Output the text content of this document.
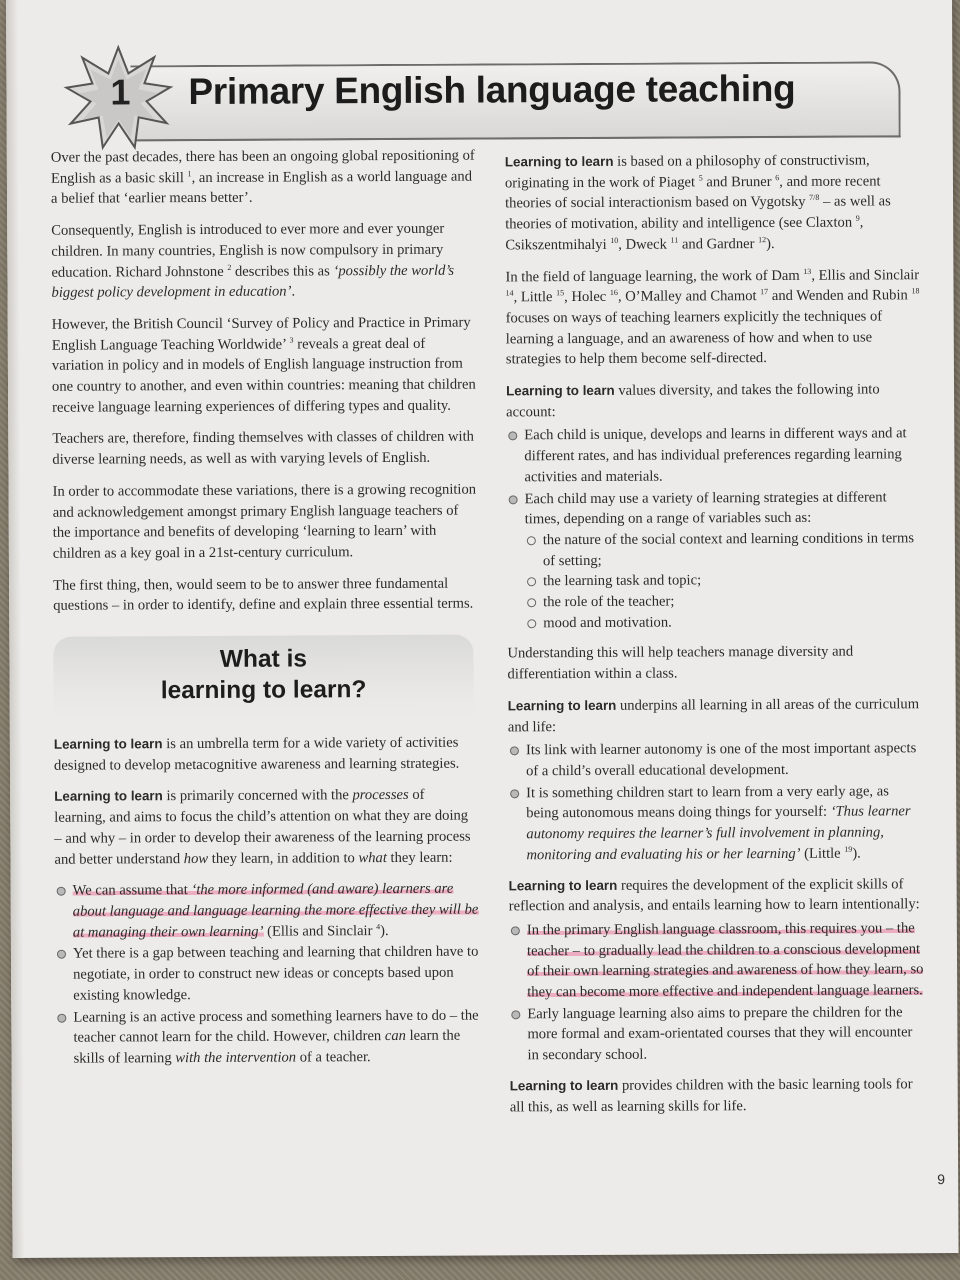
1 Primary English language teaching

Over the past decades, there has been an ongoing global repositioning of English as a basic skill $^1$, an increase in English as a world language and a belief that ‘earlier means better’.

Consequently, English is introduced to ever more and ever younger children. In many countries, English is now compulsory in primary education. Richard Johnstone $^2$ describes this as ‘possibly the world’s biggest policy development in education’.

However, the British Council ‘Survey of Policy and Practice in Primary English Language Teaching Worldwide’ $^3$ reveals a great deal of variation in policy and in models of English language instruction from one country to another, and even within countries: meaning that children receive language learning experiences of differing types and quality.

Teachers are, therefore, finding themselves with classes of children with diverse learning needs, as well as with varying levels of English.

In order to accommodate these variations, there is a growing recognition and acknowledgement amongst primary English language teachers of the importance and benefits of developing ‘learning to learn’ with children as a key goal in a 21st-century curriculum.

The first thing, then, would seem to be to answer three fundamental questions – in order to identify, define and explain three essential terms.

What is
learning to learn?

Learning to learn is an umbrella term for a wide variety of activities designed to develop metacognitive awareness and learning strategies.

Learning to learn is primarily concerned with the processes of learning, and aims to focus the child’s attention on what they are doing – and why – in order to develop their awareness of the learning process and better understand how they learn, in addition to what they learn:

We can assume that ‘the more informed (and aware) learners are about language and language learning the more effective they will be at managing their own learning’ (Ellis and Sinclair $^4$).
Yet there is a gap between teaching and learning that children have to negotiate, in order to construct new ideas or concepts based upon existing knowledge.
Learning is an active process and something learners have to do – the teacher cannot learn for the child. However, children can learn the skills of learning with the intervention of a teacher.

Learning to learn is based on a philosophy of constructivism, originating in the work of Piaget $^5$ and Bruner $^6$, and more recent theories of social interactionism based on Vygotsky $^{7/8}$ – as well as theories of motivation, ability and intelligence (see Claxton $^9$, Csikszentmihalyi $^{10}$, Dweck $^{11}$ and Gardner $^{12}$).

In the field of language learning, the work of Dam $^{13}$, Ellis and Sinclair $^{14}$, Little $^{15}$, Holec $^{16}$, O’Malley and Chamot $^{17}$ and Wenden and Rubin $^{18}$ focuses on ways of teaching learners explicitly the techniques of learning a language, and an awareness of how and when to use strategies to help them become self-directed.

Learning to learn values diversity, and takes the following into account:

Each child is unique, develops and learns in different ways and at different rates, and has individual preferences regarding learning activities and materials.
Each child may use a variety of learning strategies at different times, depending on a range of variables such as:
the nature of the social context and learning conditions in terms of setting;
the learning task and topic;
the role of the teacher;
mood and motivation.

Understanding this will help teachers manage diversity and differentiation within a class.

Learning to learn underpins all learning in all areas of the curriculum and life:

Its link with learner autonomy is one of the most important aspects of a child’s overall educational development.
It is something children start to learn from a very early age, as being autonomous means doing things for yourself: ‘Thus learner autonomy requires the learner’s full involvement in planning, monitoring and evaluating his or her learning’ (Little $^{19}$).

Learning to learn requires the development of the explicit skills of reflection and analysis, and entails learning how to learn intentionally:

In the primary English language classroom, this requires you – the teacher – to gradually lead the children to a conscious development of their own learning strategies and awareness of how they learn, so they can become more effective and independent language learners.
Early language learning also aims to prepare the children for the more formal and exam-orientated courses that they will encounter in secondary school.

Learning to learn provides children with the basic learning tools for all this, as well as learning skills for life.

9
